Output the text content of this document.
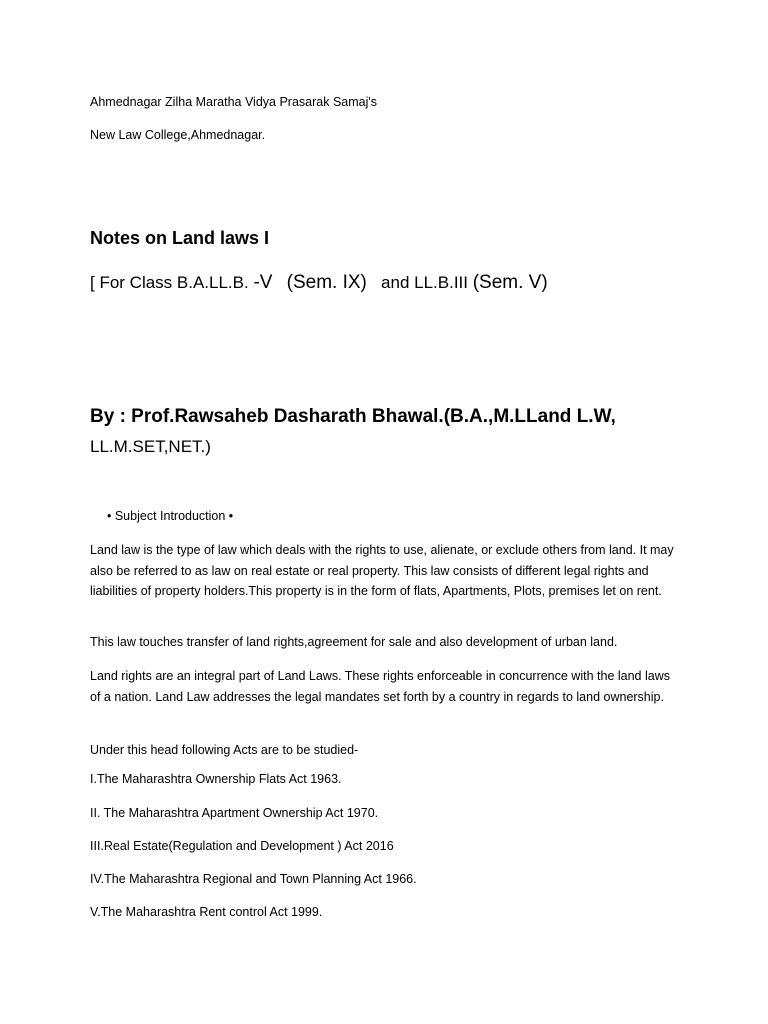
Ahmednagar Zilha Maratha Vidya Prasarak Samaj's
New Law College,Ahmednagar.
Notes on Land laws I
[ For Class B.A.LL.B. -V (Sem. IX) and LL.B.III (Sem. V)
By : Prof.Rawsaheb Dasharath Bhawal.(B.A.,M.LLand L.W,
LL.M.SET,NET.)
• Subject Introduction •
Land law is the type of law which deals with the rights to use, alienate, or exclude others from land. It may also be referred to as law on real estate or real property. This law consists of different legal rights and liabilities of property holders.This property is in the form of flats, Apartments, Plots, premises let on rent.
This law touches transfer of land rights,agreement for sale and also development of urban land.
Land rights are an integral part of Land Laws. These rights enforceable in concurrence with the land laws of a nation. Land Law addresses the legal mandates set forth by a country in regards to land ownership.
Under this head following Acts are to be studied-
I.The Maharashtra Ownership Flats Act 1963.
II. The Maharashtra Apartment Ownership Act 1970.
III.Real Estate(Regulation and Development ) Act 2016
IV.The Maharashtra Regional and Town Planning Act 1966.
V.The Maharashtra Rent control Act 1999.
